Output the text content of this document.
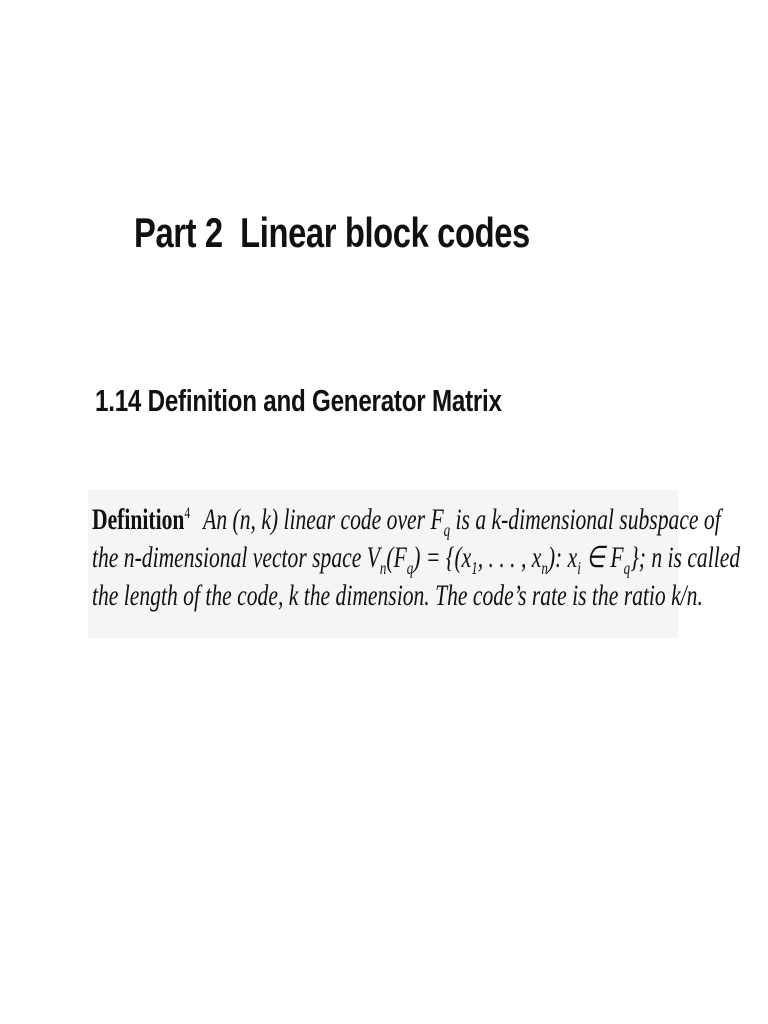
Part 2  Linear block codes
1.14 Definition and Generator Matrix

Definition$^4$ An (n, k) linear code over $F_q$ is a k-dimensional subspace of

the n-dimensional vector space $V_n(F_q) = \{(x_1$, . . . , $x_n$): $x_i$ ∈ $F_q$}; n is called

the length of the code, k the dimension. The code’s rate is the ratio k/n.
